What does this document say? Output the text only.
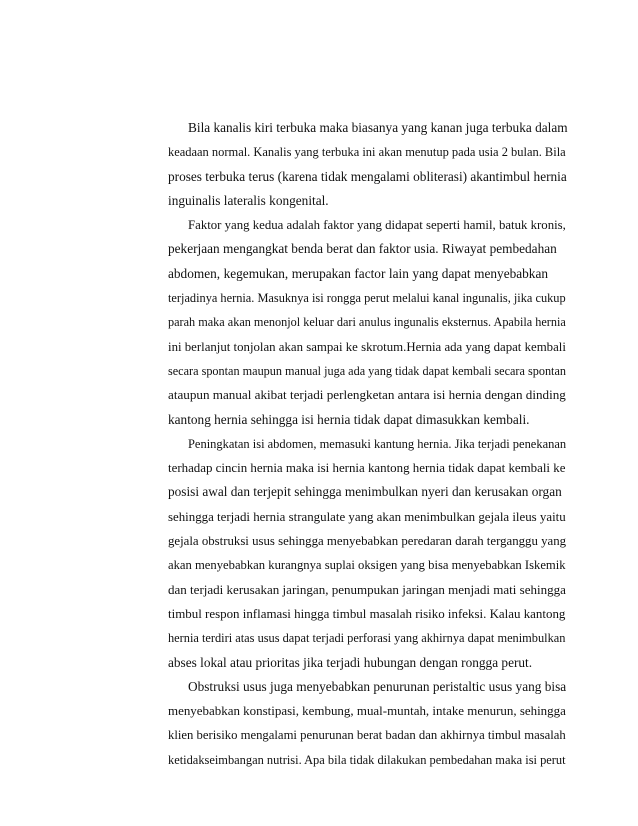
Bila kanalis kiri terbuka maka biasanya yang kanan juga terbuka dalam
keadaan normal. Kanalis yang terbuka ini akan menutup pada usia 2 bulan. Bila
proses terbuka terus (karena tidak mengalami obliterasi) akantimbul hernia
inguinalis lateralis kongenital.
Faktor yang kedua adalah faktor yang didapat seperti hamil, batuk kronis,
pekerjaan mengangkat benda berat dan faktor usia. Riwayat pembedahan
abdomen, kegemukan, merupakan factor lain yang dapat menyebabkan
terjadinya hernia. Masuknya isi rongga perut melalui kanal ingunalis, jika cukup
parah maka akan menonjol keluar dari anulus ingunalis eksternus. Apabila hernia
ini berlanjut tonjolan akan sampai ke skrotum.Hernia ada yang dapat kembali
secara spontan maupun manual juga ada yang tidak dapat kembali secara spontan
ataupun manual akibat terjadi perlengketan antara isi hernia dengan dinding
kantong hernia sehingga isi hernia tidak dapat dimasukkan kembali.
Peningkatan isi abdomen, memasuki kantung hernia. Jika terjadi penekanan
terhadap cincin hernia maka isi hernia kantong hernia tidak dapat kembali ke
posisi awal dan terjepit sehingga menimbulkan nyeri dan kerusakan organ
sehingga terjadi hernia strangulate yang akan menimbulkan gejala ileus yaitu
gejala obstruksi usus sehingga menyebabkan peredaran darah terganggu yang
akan menyebabkan kurangnya suplai oksigen yang bisa menyebabkan Iskemik
dan terjadi kerusakan jaringan, penumpukan jaringan menjadi mati sehingga
timbul respon inflamasi hingga timbul masalah risiko infeksi. Kalau kantong
hernia terdiri atas usus dapat terjadi perforasi yang akhirnya dapat menimbulkan
abses lokal atau prioritas jika terjadi hubungan dengan rongga perut.
Obstruksi usus juga menyebabkan penurunan peristaltic usus yang bisa
menyebabkan konstipasi, kembung, mual-muntah, intake menurun, sehingga
klien berisiko mengalami penurunan berat badan dan akhirnya timbul masalah
ketidakseimbangan nutrisi. Apa bila tidak dilakukan pembedahan maka isi perut
